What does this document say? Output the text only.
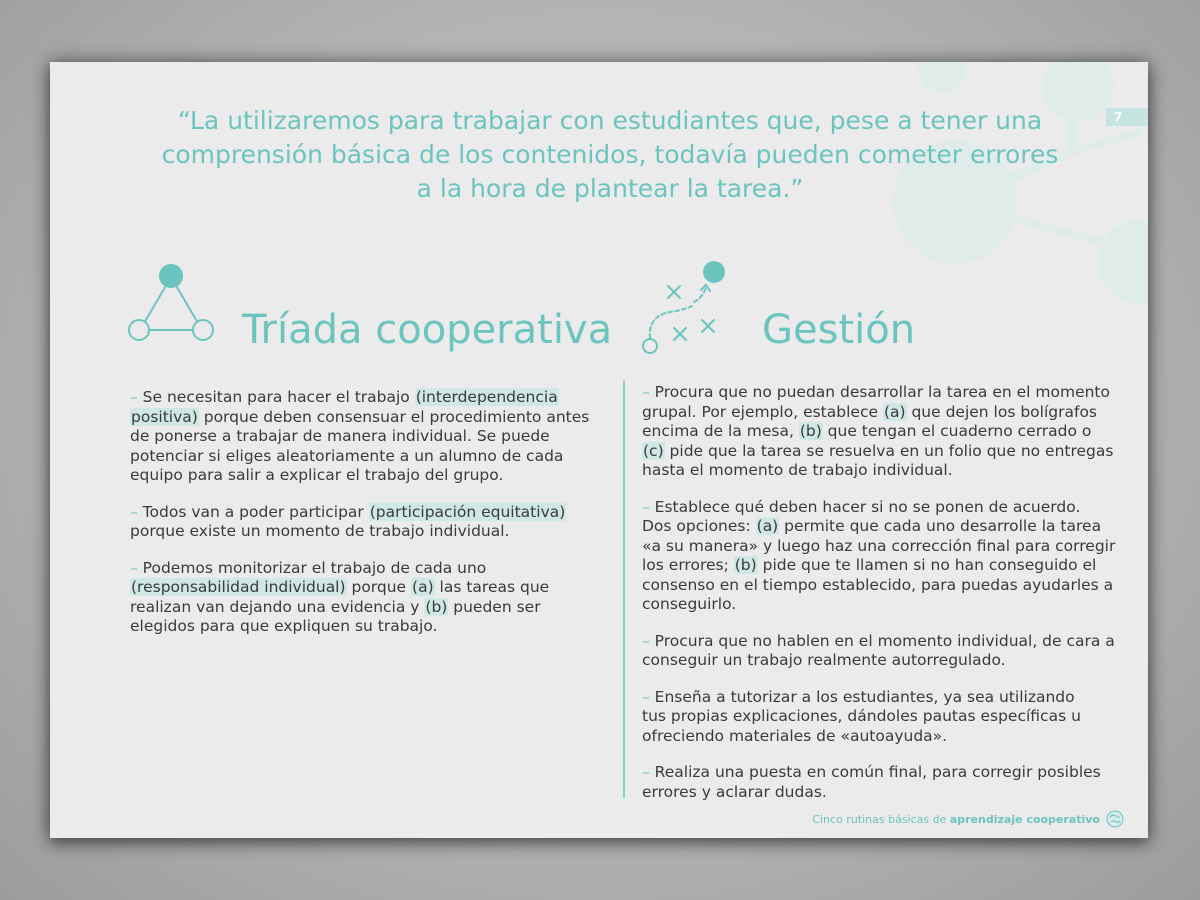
7
“La utilizaremos para trabajar con estudiantes que, pese a tener una
comprensión básica de los contenidos, todavía pueden cometer errores
a la hora de plantear la tarea.”
Tríada cooperativa

– Se necesitan para hacer el trabajo (interdependencia positiva) porque deben consensuar el procedimiento antes de ponerse a trabajar de manera individual. Se puede potenciar si eliges aleatoriamente a un alumno de cada equipo para salir a explicar el trabajo del grupo.

– Todos van a poder participar (participación equitativa) porque existe un momento de trabajo individual.

– Podemos monitorizar el trabajo de cada uno (responsabilidad individual) porque (a) las tareas que realizan van dejando una evidencia y (b) pueden ser elegidos para que expliquen su trabajo.

Gestión

– Procura que no puedan desarrollar la tarea en el momento grupal. Por ejemplo, establece (a) que dejen los bolígrafos encima de la mesa, (b) que tengan el cuaderno cerrado o (c) pide que la tarea se resuelva en un folio que no entregas hasta el momento de trabajo individual.

– Establece qué deben hacer si no se ponen de acuerdo.
Dos opciones: (a) permite que cada uno desarrolle la tarea «a su manera» y luego haz una corrección final para corregir los errores; (b) pide que te llamen si no han conseguido el consenso en el tiempo establecido, para puedas ayudarles a conseguirlo.

– Procura que no hablen en el momento individual, de cara a conseguir un trabajo realmente autorregulado.

– Enseña a tutorizar a los estudiantes, ya sea utilizando
tus propias explicaciones, dándoles pautas específicas u ofreciendo materiales de «autoayuda».

– Realiza una puesta en común final, para corregir posibles errores y aclarar dudas.

Cinco rutinas básicas de aprendizaje cooperativo
